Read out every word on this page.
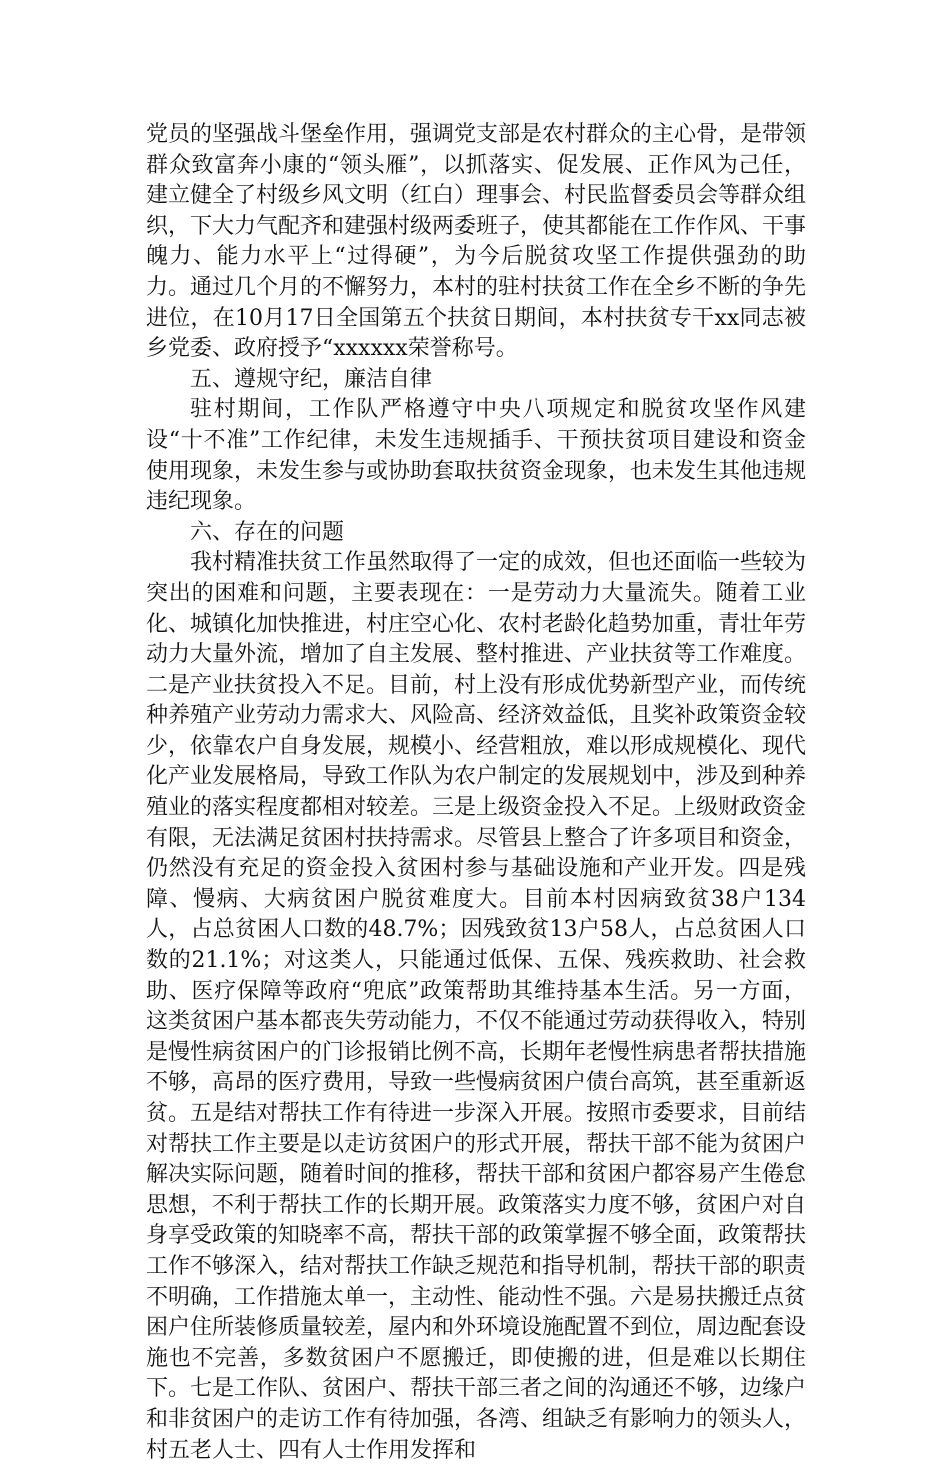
党员的坚强战斗堡垒作用，强调党支部是农村群众的主心骨，是带领群众致富奔小康的“领头雁”，以抓落实、促发展、正作风为己任，建立健全了村级乡风文明（红白）理事会、村民监督委员会等群众组织，下大力气配齐和建强村级两委班子，使其都能在工作作风、干事魄力、能力水平上“过得硬”，为今后脱贫攻坚工作提供强劲的助力。通过几个月的不懈努力，本村的驻村扶贫工作在全乡不断的争先进位，在10月17日全国第五个扶贫日期间，本村扶贫专干xx同志被乡党委、政府授予“xxxxxx荣誉称号。

五、遵规守纪，廉洁自律

驻村期间，工作队严格遵守中央八项规定和脱贫攻坚作风建设“十不准”工作纪律，未发生违规插手、干预扶贫项目建设和资金使用现象，未发生参与或协助套取扶贫资金现象，也未发生其他违规违纪现象。

六、存在的问题

我村精准扶贫工作虽然取得了一定的成效，但也还面临一些较为突出的困难和问题，主要表现在：一是劳动力大量流失。随着工业化、城镇化加快推进，村庄空心化、农村老龄化趋势加重，青壮年劳动力大量外流，增加了自主发展、整村推进、产业扶贫等工作难度。二是产业扶贫投入不足。目前，村上没有形成优势新型产业，而传统种养殖产业劳动力需求大、风险高、经济效益低，且奖补政策资金较少，依靠农户自身发展，规模小、经营粗放，难以形成规模化、现代化产业发展格局，导致工作队为农户制定的发展规划中，涉及到种养殖业的落实程度都相对较差。三是上级资金投入不足。上级财政资金有限，无法满足贫困村扶持需求。尽管县上整合了许多项目和资金，仍然没有充足的资金投入贫困村参与基础设施和产业开发。四是残障、慢病、大病贫困户脱贫难度大。目前本村因病致贫38户134人，占总贫困人口数的48.7%；因残致贫13户58人，占总贫困人口数的21.1%；对这类人，只能通过低保、五保、残疾救助、社会救助、医疗保障等政府“兜底”政策帮助其维持基本生活。另一方面，这类贫困户基本都丧失劳动能力，不仅不能通过劳动获得收入，特别是慢性病贫困户的门诊报销比例不高，长期年老慢性病患者帮扶措施不够，高昂的医疗费用，导致一些慢病贫困户债台高筑，甚至重新返贫。五是结对帮扶工作有待进一步深入开展。按照市委要求，目前结对帮扶工作主要是以走访贫困户的形式开展，帮扶干部不能为贫困户解决实际问题，随着时间的推移，帮扶干部和贫困户都容易产生倦怠思想，不利于帮扶工作的长期开展。政策落实力度不够，贫困户对自身享受政策的知晓率不高，帮扶干部的政策掌握不够全面，政策帮扶工作不够深入，结对帮扶工作缺乏规范和指导机制，帮扶干部的职责不明确，工作措施太单一，主动性、能动性不强。六是易扶搬迁点贫困户住所装修质量较差，屋内和外环境设施配置不到位，周边配套设施也不完善，多数贫困户不愿搬迁，即使搬的进，但是难以长期住下。七是工作队、贫困户、帮扶干部三者之间的沟通还不够，边缘户和非贫困户的走访工作有待加强，各湾、组缺乏有影响力的领头人，村五老人士、四有人士作用发挥和
